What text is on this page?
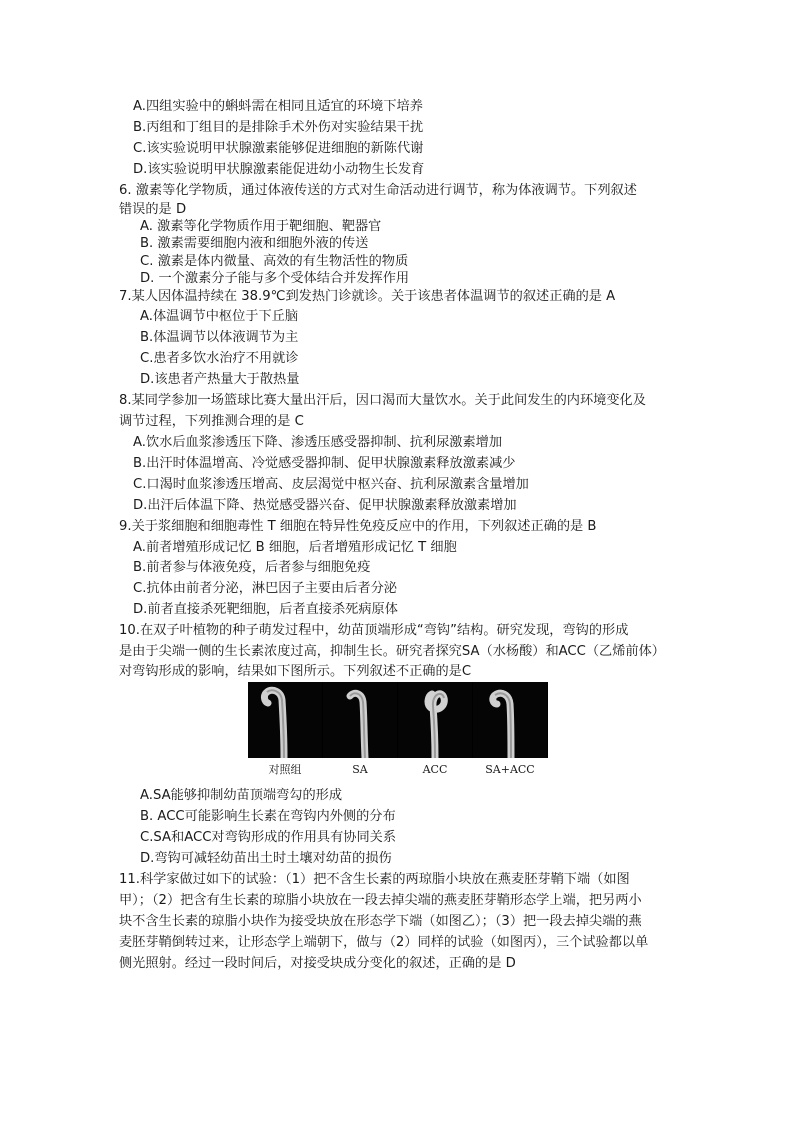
A.四组实验中的蝌蚪需在相同且适宜的环境下培养
B.丙组和丁组目的是排除手术外伤对实验结果干扰
C.该实验说明甲状腺激素能够促进细胞的新陈代谢
D.该实验说明甲状腺激素能促进幼小动物生长发育
6. 激素等化学物质，通过体液传送的方式对生命活动进行调节，称为体液调节。下列叙述
错误的是 D
A. 激素等化学物质作用于靶细胞、靶器官
B. 激素需要细胞内液和细胞外液的传送
C. 激素是体内微量、高效的有生物活性的物质
D. 一个激素分子能与多个受体结合并发挥作用
7.某人因体温持续在 38.9℃到发热门诊就诊。关于该患者体温调节的叙述正确的是 A
A.体温调节中枢位于下丘脑
B.体温调节以体液调节为主
C.患者多饮水治疗不用就诊
D.该患者产热量大于散热量
8.某同学参加一场篮球比赛大量出汗后，因口渴而大量饮水。关于此间发生的内环境变化及
调节过程，下列推测合理的是 C
A.饮水后血浆渗透压下降、渗透压感受器抑制、抗利尿激素增加
B.出汗时体温增高、冷觉感受器抑制、促甲状腺激素释放激素减少
C.口渴时血浆渗透压增高、皮层渴觉中枢兴奋、抗利尿激素含量增加
D.出汗后体温下降、热觉感受器兴奋、促甲状腺激素释放激素增加
9.关于浆细胞和细胞毒性 T 细胞在特异性免疫反应中的作用，下列叙述正确的是 B
A.前者增殖形成记忆 B 细胞，后者增殖形成记忆 T 细胞
B.前者参与体液免疫，后者参与细胞免疫
C.抗体由前者分泌，淋巴因子主要由后者分泌
D.前者直接杀死靶细胞，后者直接杀死病原体
10.在双子叶植物的种子萌发过程中，幼苗顶端形成“弯钩”结构。研究发现，弯钩的形成
是由于尖端一侧的生长素浓度过高，抑制生长。研究者探究SA（水杨酸）和ACC（乙烯前体）
对弯钩形成的影响，结果如下图所示。下列叙述不正确的是C
对照组	SA	ACC	SA+ACC
A.SA能够抑制幼苗顶端弯勾的形成
B. ACC可能影响生长素在弯钩内外侧的分布
C.SA和ACC对弯钩形成的作用具有协同关系
D.弯钩可减轻幼苗出土时土壤对幼苗的损伤
11.科学家做过如下的试验：（1）把不含生长素的两琼脂小块放在燕麦胚芽鞘下端（如图
甲）；（2）把含有生长素的琼脂小块放在一段去掉尖端的燕麦胚芽鞘形态学上端，把另两小
块不含生长素的琼脂小块作为接受块放在形态学下端（如图乙）；（3）把一段去掉尖端的燕
麦胚芽鞘倒转过来，让形态学上端朝下，做与（2）同样的试验（如图丙），三个试验都以单
侧光照射。经过一段时间后，对接受块成分变化的叙述，正确的是 D
